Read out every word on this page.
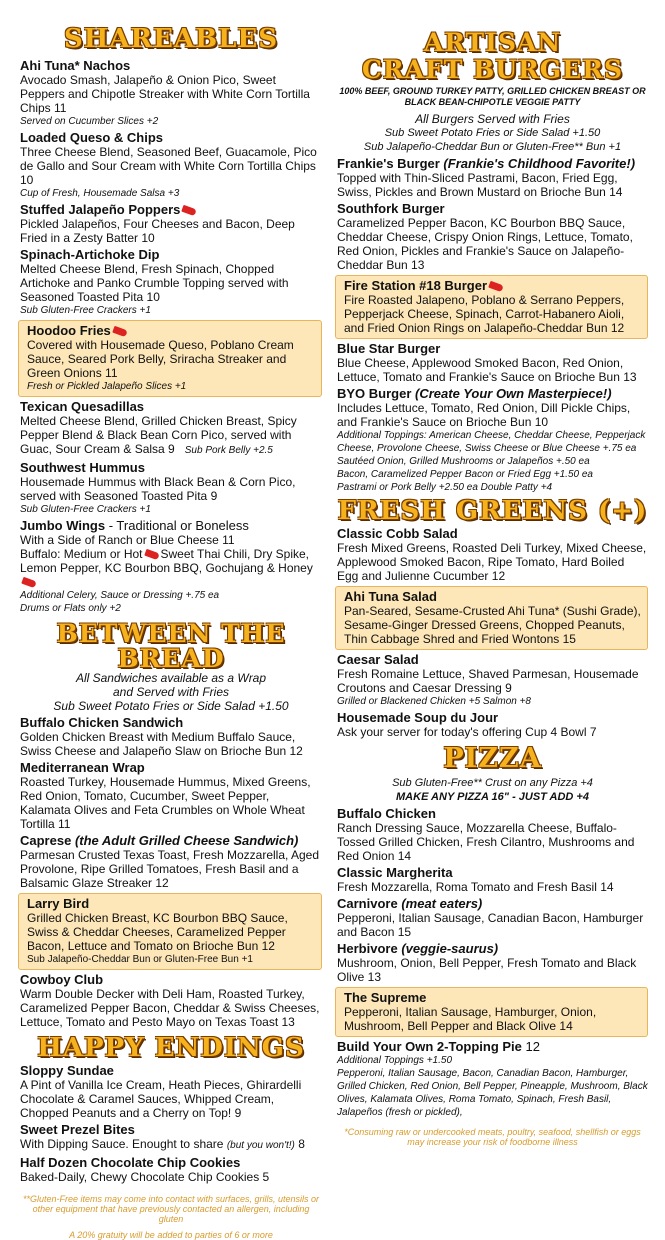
SHAREABLES
Ahi Tuna* Nachos
Avocado Smash, Jalapeño & Onion Pico, Sweet Peppers and Chipotle Streaker with White Corn Tortilla Chips 11
Served on Cucumber Slices +2
Loaded Queso & Chips
Three Cheese Blend, Seasoned Beef, Guacamole, Pico de Gallo and Sour Cream with White Corn Tortilla Chips 10
Cup of Fresh, Housemade Salsa +3
Stuffed Jalapeño Poppers
Pickled Jalapeños, Four Cheeses and Bacon, Deep Fried in a Zesty Batter 10
Spinach-Artichoke Dip
Melted Cheese Blend, Fresh Spinach, Chopped Artichoke and Panko Crumble Topping served with Seasoned Toasted Pita 10
Sub Gluten-Free Crackers +1
Hoodoo Fries
Covered with Housemade Queso, Poblano Cream Sauce, Seared Pork Belly, Sriracha Streaker and Green Onions 11
Fresh or Pickled Jalapeño Slices +1
Texican Quesadillas
Melted Cheese Blend, Grilled Chicken Breast, Spicy Pepper Blend & Black Bean Corn Pico, served with Guac, Sour Cream & Salsa 9 Sub Pork Belly +2.5
Southwest Hummus
Housemade Hummus with Black Bean & Corn Pico, served with Seasoned Toasted Pita 9
Sub Gluten-Free Crackers +1
Jumbo Wings - Traditional or Boneless
With a Side of Ranch or Blue Cheese 11
Buffalo: Medium or Hot Sweet Thai Chili, Dry Spike, Lemon Pepper, KC Bourbon BBQ, Gochujang & Honey
Additional Celery, Sauce or Dressing +.75 ea
Drums or Flats only +2
BETWEEN THE BREAD
All Sandwiches available as a Wrap
and Served with Fries
Sub Sweet Potato Fries or Side Salad +1.50
Buffalo Chicken Sandwich
Golden Chicken Breast with Medium Buffalo Sauce, Swiss Cheese and Jalapeño Slaw on Brioche Bun 12
Mediterranean Wrap
Roasted Turkey, Housemade Hummus, Mixed Greens, Red Onion, Tomato, Cucumber, Sweet Pepper, Kalamata Olives and Feta Crumbles on Whole Wheat Tortilla 11
Caprese (the Adult Grilled Cheese Sandwich)
Parmesan Crusted Texas Toast, Fresh Mozzarella, Aged Provolone, Ripe Grilled Tomatoes, Fresh Basil and a Balsamic Glaze Streaker 12
Larry Bird
Grilled Chicken Breast, KC Bourbon BBQ Sauce, Swiss & Cheddar Cheeses, Caramelized Pepper Bacon, Lettuce and Tomato on Brioche Bun 12
Sub Jalapeño-Cheddar Bun or Gluten-Free Bun +1
Cowboy Club
Warm Double Decker with Deli Ham, Roasted Turkey, Caramelized Pepper Bacon, Cheddar & Swiss Cheeses, Lettuce, Tomato and Pesto Mayo on Texas Toast 13
HAPPY ENDINGS
Sloppy Sundae
A Pint of Vanilla Ice Cream, Heath Pieces, Ghirardelli Chocolate & Caramel Sauces, Whipped Cream, Chopped Peanuts and a Cherry on Top! 9
Sweet Prezel Bites
With Dipping Sauce. Enought to share (but you won't!) 8
Half Dozen Chocolate Chip Cookies
Baked-Daily, Chewy Chocolate Chip Cookies 5
**Gluten-Free items may come into contact with surfaces, grills, utensils or other equipment that have previously contacted an allergen, including gluten
A 20% gratuity will be added to parties of 6 or more
ARTISAN
CRAFT BURGERS
100% BEEF, GROUND TURKEY PATTY, GRILLED CHICKEN BREAST OR BLACK BEAN-CHIPOTLE VEGGIE PATTY
All Burgers Served with Fries
Sub Sweet Potato Fries or Side Salad +1.50
Sub Jalapeño-Cheddar Bun or Gluten-Free** Bun +1
Frankie's Burger (Frankie's Childhood Favorite!)
Topped with Thin-Sliced Pastrami, Bacon, Fried Egg, Swiss, Pickles and Brown Mustard on Brioche Bun 14
Southfork Burger
Caramelized Pepper Bacon, KC Bourbon BBQ Sauce, Cheddar Cheese, Crispy Onion Rings, Lettuce, Tomato, Red Onion, Pickles and Frankie's Sauce on Jalapeño-Cheddar Bun 13
Fire Station #18 Burger
Fire Roasted Jalapeno, Poblano & Serrano Peppers, Pepperjack Cheese, Spinach, Carrot-Habanero Aioli, and Fried Onion Rings on Jalapeño-Cheddar Bun 12
Blue Star Burger
Blue Cheese, Applewood Smoked Bacon, Red Onion, Lettuce, Tomato and Frankie's Sauce on Brioche Bun 13
BYO Burger (Create Your Own Masterpiece!)
Includes Lettuce, Tomato, Red Onion, Dill Pickle Chips, and Frankie's Sauce on Brioche Bun 10
Additional Toppings: American Cheese, Cheddar Cheese, Pepperjack Cheese, Provolone Cheese, Swiss Cheese or Blue Cheese +.75 ea
Sautéed Onion, Grilled Mushrooms or Jalapeños +.50 ea
Bacon, Caramelized Pepper Bacon or Fried Egg +1.50 ea
Pastrami or Pork Belly +2.50 ea Double Patty +4
FRESH GREENS (+)
Classic Cobb Salad
Fresh Mixed Greens, Roasted Deli Turkey, Mixed Cheese, Applewood Smoked Bacon, Ripe Tomato, Hard Boiled Egg and Julienne Cucumber 12
Ahi Tuna Salad
Pan-Seared, Sesame-Crusted Ahi Tuna* (Sushi Grade), Sesame-Ginger Dressed Greens, Chopped Peanuts, Thin Cabbage Shred and Fried Wontons 15
Caesar Salad
Fresh Romaine Lettuce, Shaved Parmesan, Housemade Croutons and Caesar Dressing 9
Grilled or Blackened Chicken +5 Salmon +8
Housemade Soup du Jour
Ask your server for today's offering Cup 4 Bowl 7
PIZZA
Sub Gluten-Free** Crust on any Pizza +4
MAKE ANY PIZZA 16" - JUST ADD +4
Buffalo Chicken
Ranch Dressing Sauce, Mozzarella Cheese, Buffalo-Tossed Grilled Chicken, Fresh Cilantro, Mushrooms and Red Onion 14
Classic Margherita
Fresh Mozzarella, Roma Tomato and Fresh Basil 14
Carnivore (meat eaters)
Pepperoni, Italian Sausage, Canadian Bacon, Hamburger and Bacon 15
Herbivore (veggie-saurus)
Mushroom, Onion, Bell Pepper, Fresh Tomato and Black Olive 13
The Supreme
Pepperoni, Italian Sausage, Hamburger, Onion, Mushroom, Bell Pepper and Black Olive 14
Build Your Own 2-Topping Pie 12
Additional Toppings +1.50
Pepperoni, Italian Sausage, Bacon, Canadian Bacon, Hamburger, Grilled Chicken, Red Onion, Bell Pepper, Pineapple, Mushroom, Black Olives, Kalamata Olives, Roma Tomato, Spinach, Fresh Basil, Jalapeños (fresh or pickled),
*Consuming raw or undercooked meats, poultry, seafood, shellfish or eggs may increase your risk of foodborne illness
